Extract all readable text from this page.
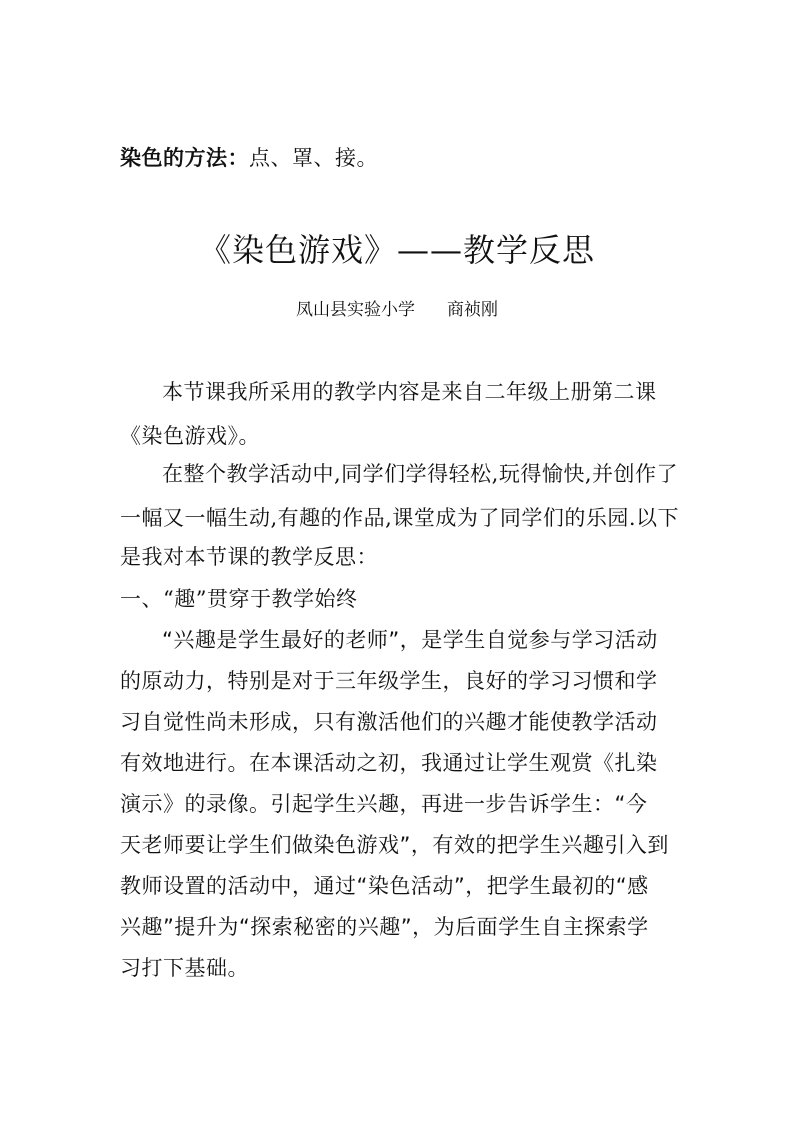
染色的方法：点、罩、接。
《染色游戏》——教学反思
凤山县实验小学 商祯刚
本节课我所采用的教学内容是来自二年级上册第二课
《染色游戏》。
在整个教学活动中,同学们学得轻松,玩得愉快,并创作了
一幅又一幅生动,有趣的作品,课堂成为了同学们的乐园.以下
是我对本节课的教学反思：
一、“趣”贯穿于教学始终
“兴趣是学生最好的老师”，是学生自觉参与学习活动
的原动力，特别是对于三年级学生，良好的学习习惯和学
习自觉性尚未形成，只有激活他们的兴趣才能使教学活动
有效地进行。在本课活动之初，我通过让学生观赏《扎染
演示》的录像。引起学生兴趣，再进一步告诉学生：“今
天老师要让学生们做染色游戏”，有效的把学生兴趣引入到
教师设置的活动中，通过“染色活动”，把学生最初的“感
兴趣”提升为“探索秘密的兴趣”，为后面学生自主探索学
习打下基础。
